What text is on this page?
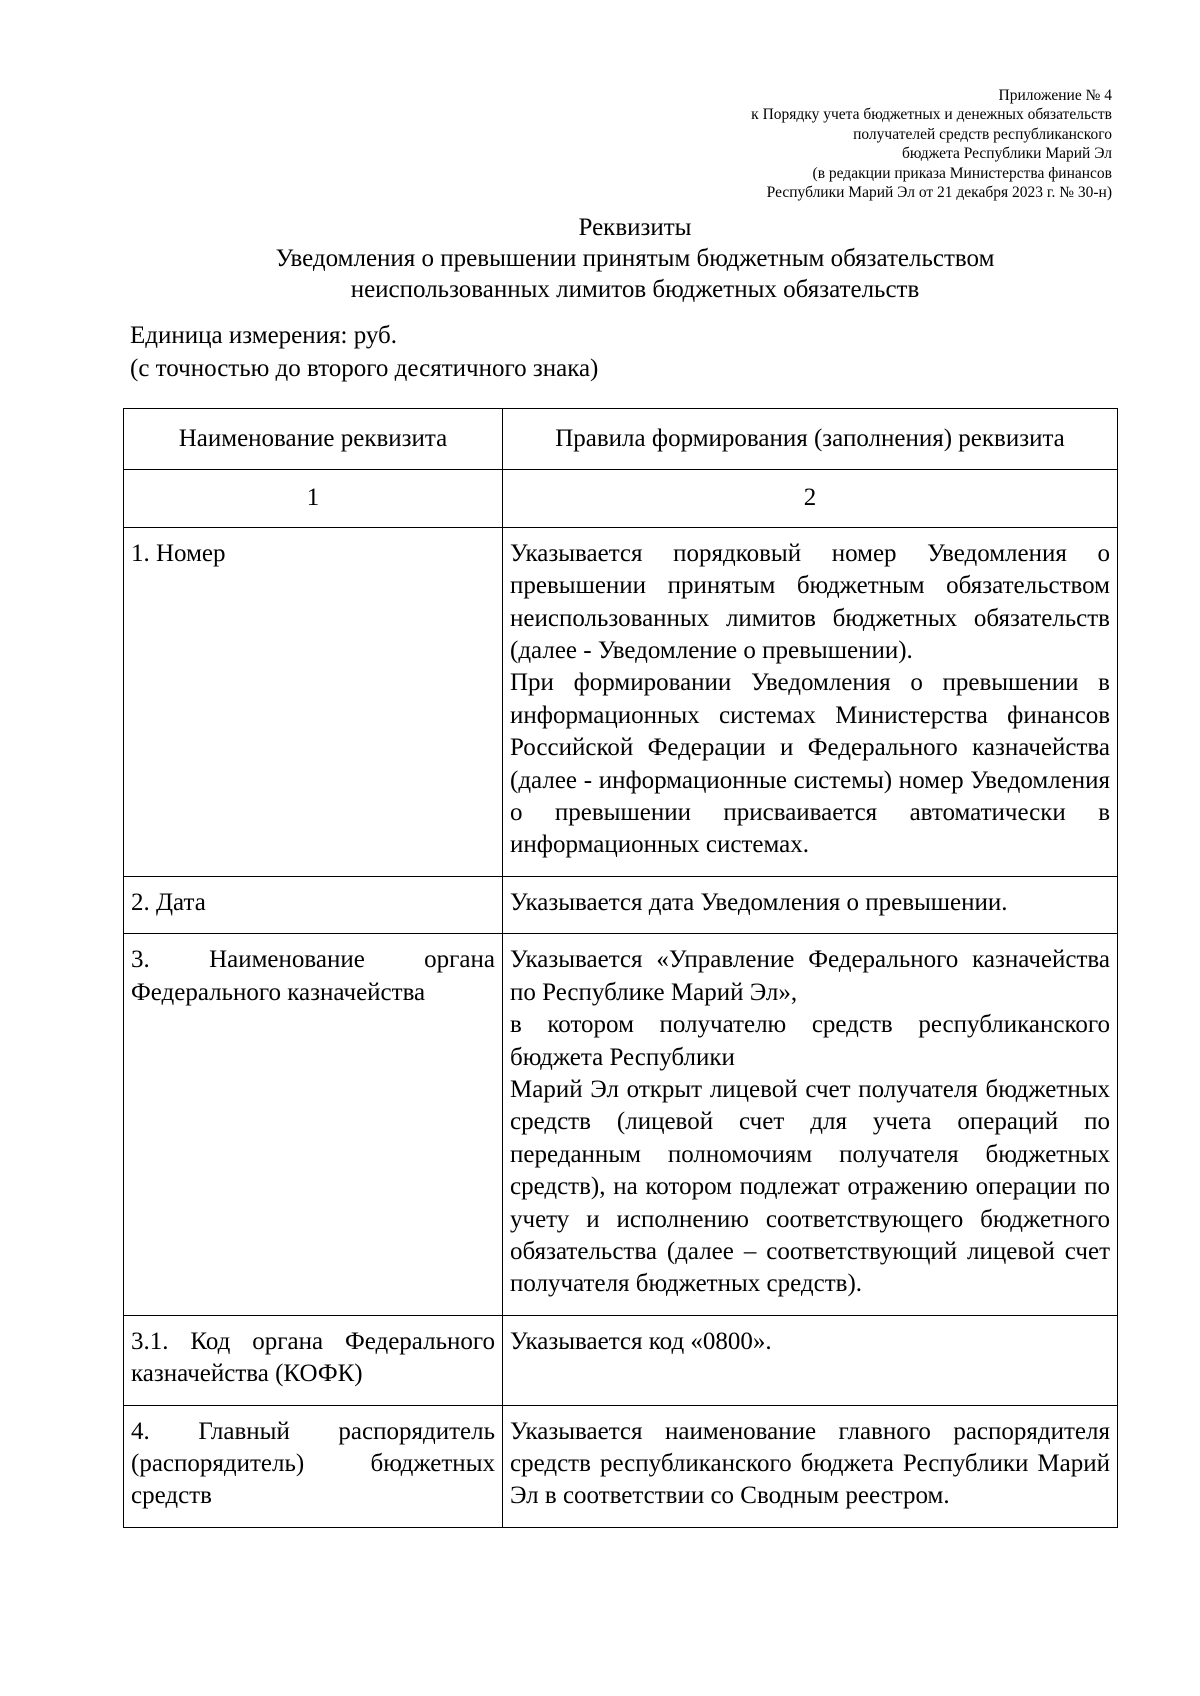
Приложение № 4
к Порядку учета бюджетных и денежных обязательств
получателей средств республиканского
бюджета Республики Марий Эл
(в редакции приказа Министерства финансов
Республики Марий Эл от 21 декабря 2023 г. № 30-н)
Реквизиты
Уведомления о превышении принятым бюджетным обязательством
неиспользованных лимитов бюджетных обязательств
Единица измерения: руб.
(с точностью до второго десятичного знака)
Наименование реквизита	Правила формирования (заполнения) реквизита
1	2
1. Номер	Указывается порядковый номер Уведомления о превышении принятым бюджетным обязательством неиспользованных лимитов бюджетных обязательств (далее - Уведомление о превышении).
При формировании Уведомления о превышении в информационных системах Министерства финансов Российской Федерации и Федерального казначейства (далее - информационные системы) номер Уведомления о превышении присваивается автоматически в информационных системах.

2. Дата	Указывается дата Уведомления о превышении.

3. Наименование органа Федерального казначейства	Указывается «Управление Федерального казначейства по Республике Марий Эл»,
в котором получателю средств республиканского бюджета Республики
Марий Эл открыт лицевой счет получателя бюджетных средств (лицевой счет для учета операций по переданным полномочиям получателя бюджетных средств), на котором подлежат отражению операции по учету и исполнению соответствующего бюджетного обязательства (далее – соответствующий лицевой счет получателя бюджетных средств).

3.1. Код органа Федерального казначейства (КОФК)	Указывается код «0800».

4. Главный распорядитель (распорядитель) бюджетных средств	Указывается наименование главного распорядителя средств республиканского бюджета Республики Марий Эл в соответствии со Сводным реестром.
